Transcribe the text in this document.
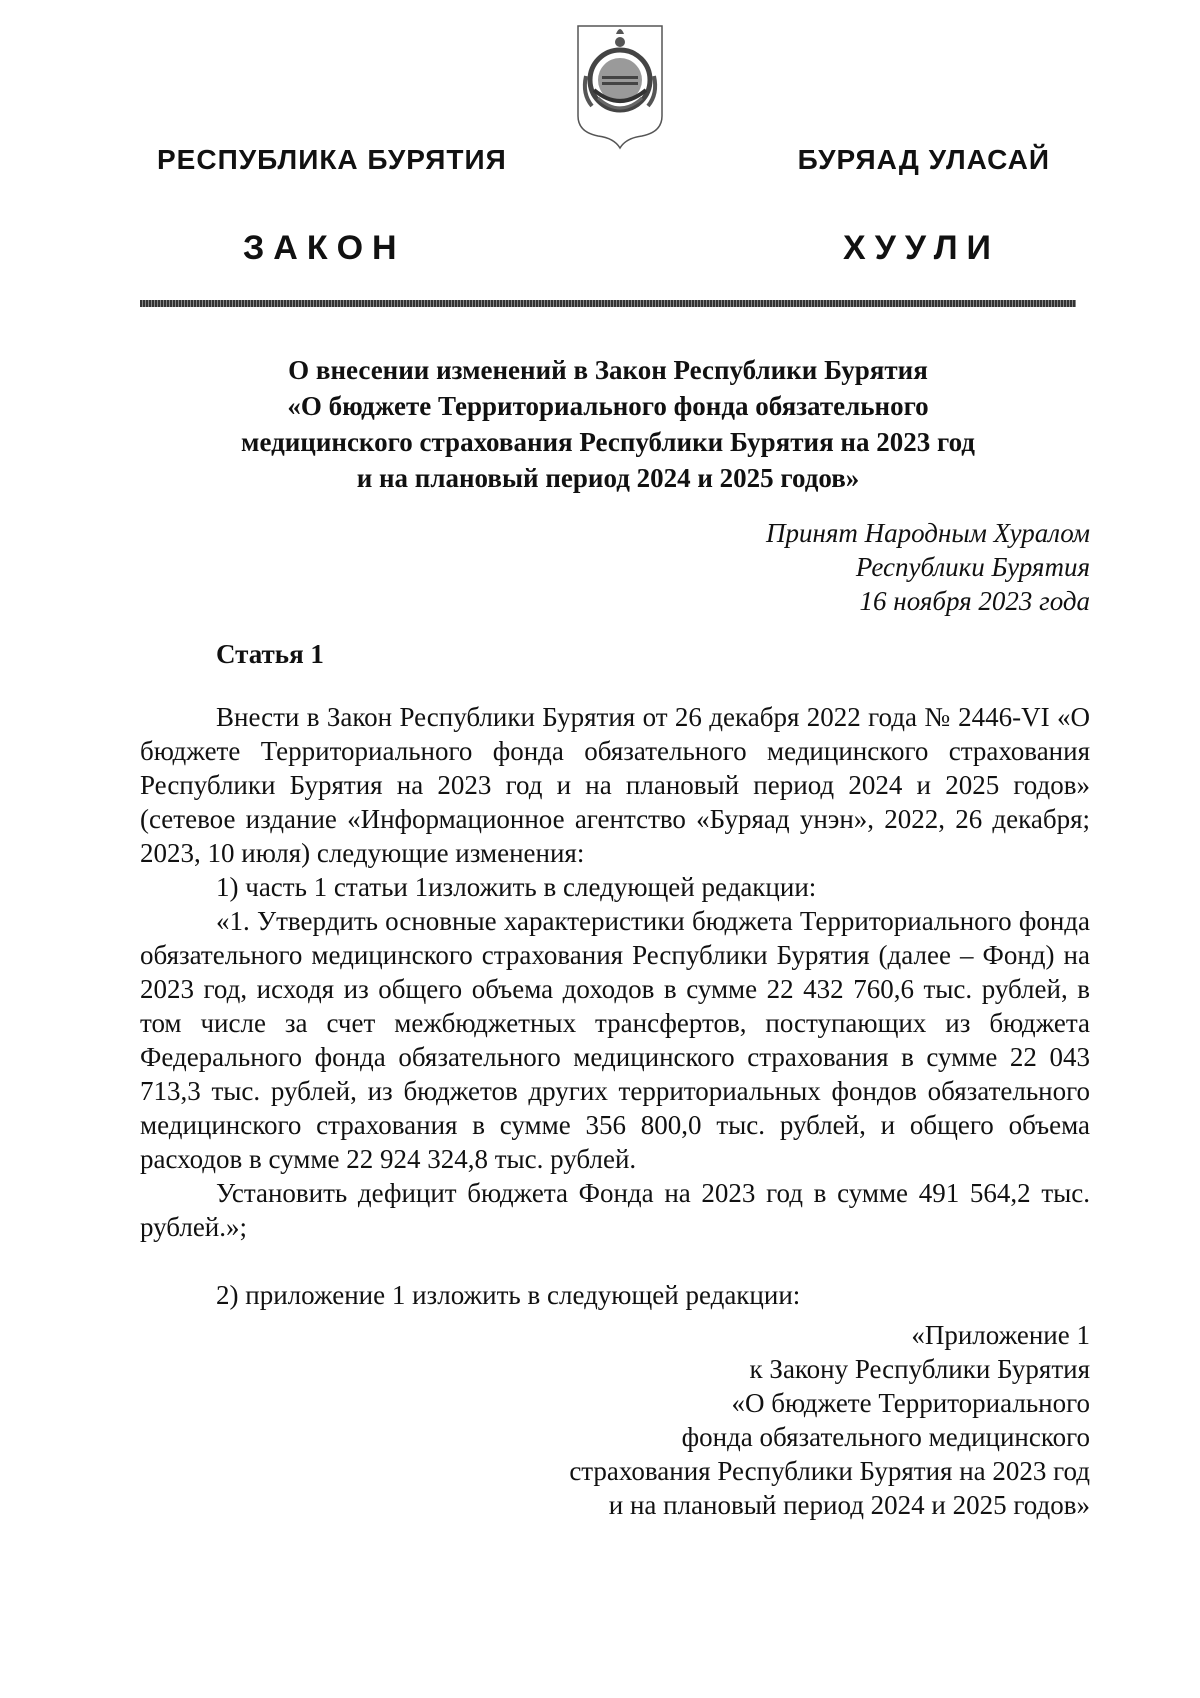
РЕСПУБЛИКА БУРЯТИЯ	БУРЯАД УЛАСАЙ
ЗАКОН	ХУУЛИ
О внесении изменений в Закон Республики Бурятия
«О бюджете Территориального фонда обязательного
медицинского страхования Республики Бурятия на 2023 год
и на плановый период 2024 и 2025 годов»
Принят Народным Хуралом
Республики Бурятия
16 ноября 2023 года
Статья 1

Внести в Закон Республики Бурятия от 26 декабря 2022 года № 2446-VI «О бюджете Территориального фонда обязательного медицинского страхования Республики Бурятия на 2023 год и на плановый период 2024 и 2025 годов» (сетевое издание «Информационное агентство «Буряад унэн», 2022, 26 декабря; 2023, 10 июля) следующие изменения:

1) часть 1 статьи 1изложить в следующей редакции:

«1. Утвердить основные характеристики бюджета Территориального фонда обязательного медицинского страхования Республики Бурятия (далее – Фонд) на 2023 год, исходя из общего объема доходов в сумме 22 432 760,6 тыс. рублей, в том числе за счет межбюджетных трансфертов, поступающих из бюджета Федерального фонда обязательного медицинского страхования в сумме 22 043 713,3 тыс. рублей, из бюджетов других территориальных фондов обязательного медицинского страхования в сумме 356 800,0 тыс. рублей, и общего объема расходов в сумме 22 924 324,8 тыс. рублей.

Установить дефицит бюджета Фонда на 2023 год в сумме 491 564,2 тыс. рублей.»;

2) приложение 1 изложить в следующей редакции:

«Приложение 1
к Закону Республики Бурятия
«О бюджете Территориального
фонда обязательного медицинского
страхования Республики Бурятия на 2023 год
и на плановый период 2024 и 2025 годов»
